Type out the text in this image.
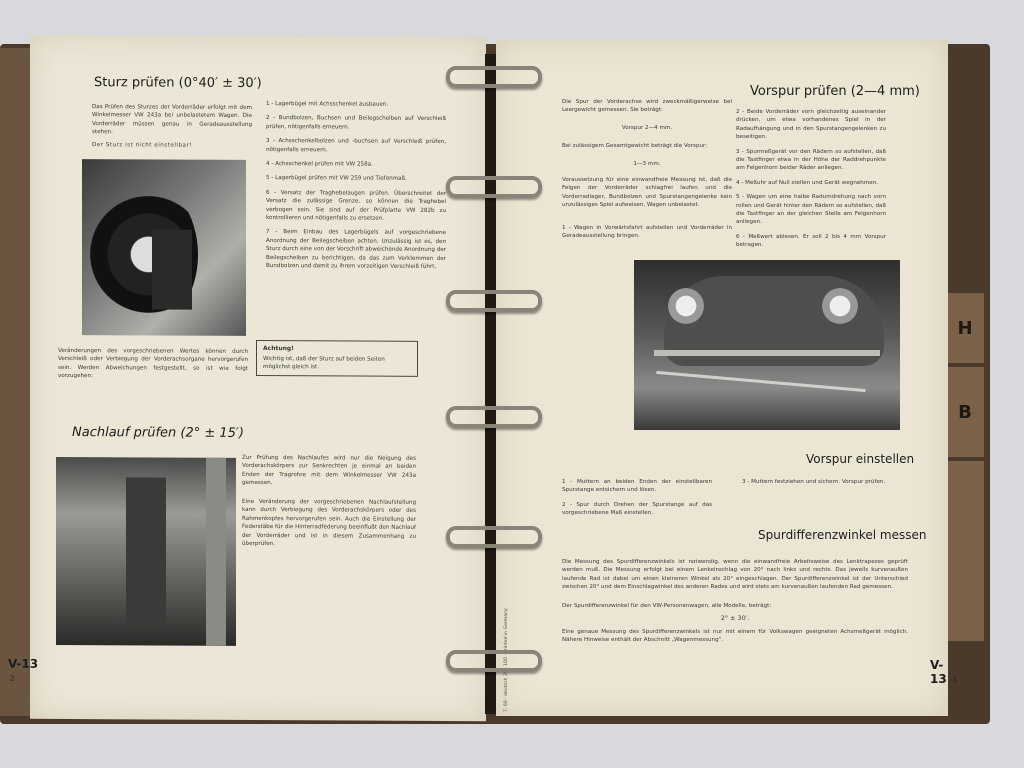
H
B
Sturz prüfen (0°40′ ± 30′)
Das Prüfen des Sturzes der Vorderräder erfolgt mit dem Winkelmesser VW 243a bei unbelastetem Wagen. Die Vorderräder müssen genau in Geradeausstellung stehen.
Der Sturz ist nicht einstellbar!
1 - Lagerbügel mit Achsschenkel ausbauen.
2 - Bundbolzen, Buchsen und Beilegscheiben auf Verschleiß prüfen, nötigenfalls erneuern.
3 - Achsschenkelbolzen und -buchsen auf Verschleiß prüfen, nötigenfalls erneuern.
4 - Achsschenkel prüfen mit VW 258a.
5 - Lagerbügel prüfen mit VW 259 und Tiefenmaß.
6 - Versatz der Traghebelaugen prüfen. Überschreitet der Versatz die zulässige Grenze, so können die Traghebel verbogen sein. Sie sind auf der Prüfplatte VW 282b zu kontrollieren und nötigenfalls zu ersetzen.
7 - Beim Einbau des Lagerbügels auf vorgeschriebene Anordnung der Beilegscheiben achten. Unzulässig ist es, den Sturz durch eine von der Vorschrift abweichende Anordnung der Beilegscheiben zu berichtigen, da das zum Verklemmen der Bundbolzen und damit zu ihrem vorzeitigen Verschleiß führt.
Veränderungen des vorgeschriebenen Wertes können durch Verschleiß oder Verbiegung der Vorderachsorgane hervorgerufen sein. Werden Abweichungen festgestellt, so ist wie folgt vorzugehen:
Achtung!
Wichtig ist, daß der Sturz auf beiden Seiten möglichst gleich ist.
Nachlauf prüfen (2° ± 15′)
Zur Prüfung des Nachlaufes wird nur die Neigung des Vorderachskörpers zur Senkrechten je einmal an beiden Enden der Tragrohre mit dem Winkelmesser VW 243a gemessen.
Eine Veränderung der vorgeschriebenen Nachlaufstellung kann durch Verbiegung des Vorderachskörpers oder des Rahmenkopfes hervorgerufen sein. Auch die Einstellung der Federstäbe für die Hinterradfederung beeinflußt den Nachlauf der Vorderräder und ist in diesem Zusammenhang zu überprüfen.
V-13
2
Die Spur der Vorderachse wird zweckmäßigerweise bei Leergewicht gemessen. Sie beträgt:
Vorspur 2—4 mm.
Bei zulässigem Gesamtgewicht beträgt die Vorspur:
1—3 mm.
Voraussetzung für eine einwandfreie Messung ist, daß die Felgen der Vorderräder schlagfrei laufen und die Vorderradlager, Bundbolzen und Spurstangengelenke kein unzulässiges Spiel aufweisen, Wagen unbelastet.
1 - Wagen in Vorwärtsfahrt aufstellen und Vorderräder in Geradeausstellung bringen.
Vorspur prüfen (2—4 mm)
2 - Beide Vorderräder vorn gleichzeitig auseinander drücken, um etwa vorhandenes Spiel in der Radaufhängung und in den Spurstangengelenken zu beseitigen.
3 - Spurmeßgerät vor den Rädern so aufstellen, daß die Tastfinger etwa in der Höhe der Raddrehpunkte am Felgenhorn beider Räder anliegen.
4 - Meßuhr auf Null stellen und Gerät wegnehmen.
5 - Wagen um eine halbe Radumdrehung nach vorn rollen und Gerät hinter den Rädern so aufstellen, daß die Tastfinger an der gleichen Stelle am Felgenhorn anliegen.
6 - Meßwert ablesen. Er soll 2 bis 4 mm Vorspur betragen.
Vorspur einstellen
1 - Muttern an beiden Enden der einstellbaren Spurstange entsichern und lösen.
2 - Spur durch Drehen der Spurstange auf das vorgeschriebene Maß einstellen.
3 - Muttern festziehen und sichern. Vorspur prüfen.
Spurdifferenzwinkel messen
Die Messung des Spurdifferenzwinkels ist notwendig, wenn die einwandfreie Arbeitsweise des Lenktrapezes geprüft werden muß. Die Messung erfolgt bei einem Lenkeinschlag von 20° nach links und rechts. Das jeweils kurvenaußen laufende Rad ist dabei um einen kleineren Winkel als 20° eingeschlagen. Der Spurdifferenzwinkel ist der Unterschied zwischen 20° und dem Einschlagwinkel des anderen Rades und wird stets am kurvenaußen laufenden Rad gemessen.
Der Spurdifferenzwinkel für den VW-Personenwagen, alle Modelle, beträgt:
2° ± 30′.
Eine genaue Messung des Spurdifferenzwinkels ist nur mit einem für Volkswagen geeigneten Achsmeßgerät möglich. Nähere Hinweise enthält der Abschnitt „Wagenmessung“.
7. 60 · deutsch 352 180 · Printed in Germany	V-13 3
